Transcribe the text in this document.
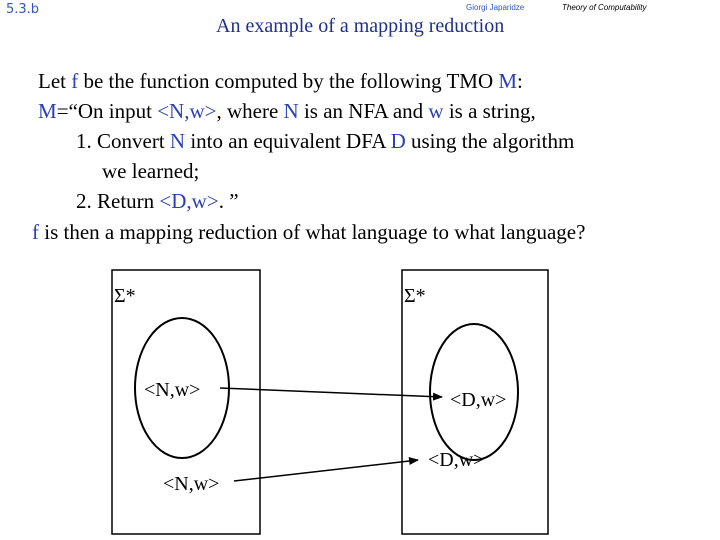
5.3.b	Giorgi Japaridze	Theory of Computability
An example of a mapping reduction
Let f be the function computed by the following TMO M:
M=“On input <N,w>, where N is an NFA and w is a string,
1. Convert N into an equivalent DFA D using the algorithm
we learned;
2. Return <D,w>. ”
f is then a mapping reduction of what language to what language?
Σ*	Σ*
<N,w>	<D,w>
<N,w>
<D,w>
